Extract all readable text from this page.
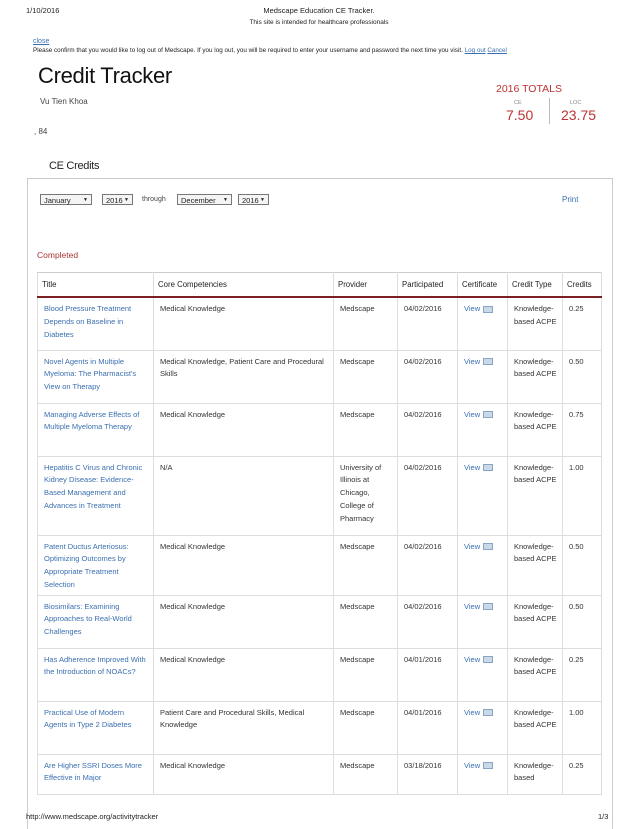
1/10/2016	Medscape Education CE Tracker.
This site is intended for healthcare professionals
close
Please confirm that you would like to log out of Medscape. If you log out, you will be required to enter your username and password the next time you visit. Log out Cancel
Credit Tracker
Vu Tien Khoa
, 84
2016 TOTALS
CE	LOC
7.50 23.75
CE Credits
January ▼	2016 ▼ through	December ▼	2016 ▼	Print
Completed
Title	Core Competencies	Provider	Participated	Certificate	Credit Type	Credits
Blood Pressure Treatment Depends on Baseline in Diabetes	Medical Knowledge	Medscape	04/02/2016	View	Knowledge-based ACPE	0.25
Novel Agents in Multiple Myeloma: The Pharmacist's View on Therapy	Medical Knowledge, Patient Care and Procedural Skills	Medscape	04/02/2016	View	Knowledge-based ACPE	0.50
Managing Adverse Effects of Multiple Myeloma Therapy	Medical Knowledge	Medscape	04/02/2016	View	Knowledge-based ACPE	0.75
Hepatitis C Virus and Chronic Kidney Disease: Evidence-Based Management and Advances in Treatment	N/A	University of Illinois at Chicago, College of Pharmacy	04/02/2016	View	Knowledge-based ACPE	1.00
Patent Ductus Arteriosus: Optimizing Outcomes by Appropriate Treatment Selection	Medical Knowledge	Medscape	04/02/2016	View	Knowledge-based ACPE	0.50
Biosimilars: Examining Approaches to Real-World Challenges	Medical Knowledge	Medscape	04/02/2016	View	Knowledge-based ACPE	0.50
Has Adherence Improved With the Introduction of NOACs?	Medical Knowledge	Medscape	04/01/2016	View	Knowledge-based ACPE	0.25
Practical Use of Modern Agents in Type 2 Diabetes	Patient Care and Procedural Skills, Medical Knowledge	Medscape	04/01/2016	View	Knowledge-based ACPE	1.00
Are Higher SSRI Doses More Effective in Major	Medical Knowledge	Medscape	03/18/2016	View	Knowledge-based	0.25
http://www.medscape.org/activitytracker	1/3
